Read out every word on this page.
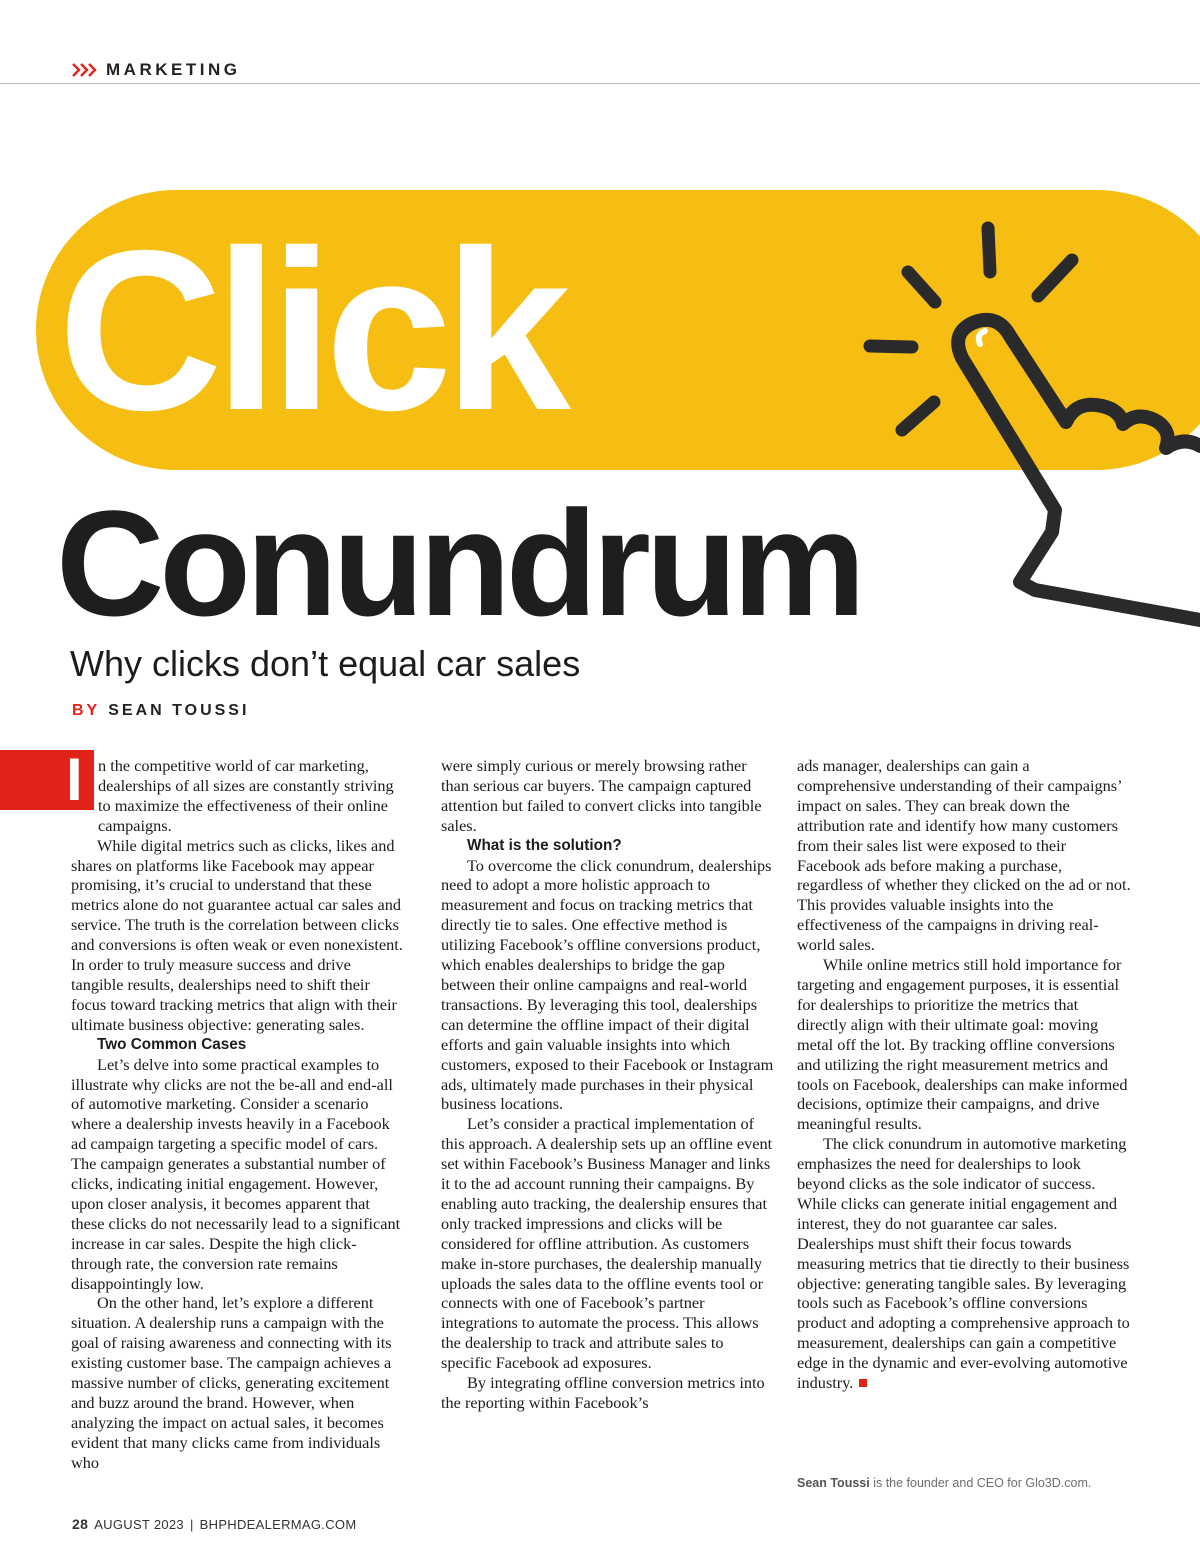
MARKETING
Click
Conundrum
Why clicks don’t equal car sales
BY SEAN TOUSSI
I n the competitive world of car marketing, dealerships of all sizes are constantly striving to maximize the effectiveness of their online campaigns.

While digital metrics such as clicks, likes and shares on platforms like Facebook may appear promising, it’s crucial to understand that these metrics alone do not guarantee actual car sales and service. The truth is the correlation between clicks and conversions is often weak or even nonexistent. In order to truly measure success and drive tangible results, dealerships need to shift their focus toward tracking metrics that align with their ultimate business objective: generating sales.

Two Common Cases

Let’s delve into some practical examples to illustrate why clicks are not the be-all and end-all of automotive marketing. Consider a scenario where a dealership invests heavily in a Facebook ad campaign targeting a specific model of cars. The campaign generates a substantial number of clicks, indicating initial engagement. However, upon closer analysis, it becomes apparent that these clicks do not necessarily lead to a significant increase in car sales. Despite the high click-through rate, the conversion rate remains disappointingly low.

On the other hand, let’s explore a different situation. A dealership runs a campaign with the goal of raising awareness and connecting with its existing customer base. The campaign achieves a massive number of clicks, generating excitement and buzz around the brand. However, when analyzing the impact on actual sales, it becomes evident that many clicks came from individuals who

were simply curious or merely browsing rather than serious car buyers. The campaign captured attention but failed to convert clicks into tangible sales.

What is the solution?

To overcome the click conundrum, dealerships need to adopt a more holistic approach to measurement and focus on tracking metrics that directly tie to sales. One effective method is utilizing Facebook’s offline conversions product, which enables dealerships to bridge the gap between their online campaigns and real-world transactions. By leveraging this tool, dealerships can determine the offline impact of their digital efforts and gain valuable insights into which customers, exposed to their Facebook or Instagram ads, ultimately made purchases in their physical business locations.

Let’s consider a practical implementation of this approach. A dealership sets up an offline event set within Facebook’s Business Manager and links it to the ad account running their campaigns. By enabling auto tracking, the dealership ensures that only tracked impressions and clicks will be considered for offline attribution. As customers make in-store purchases, the dealership manually uploads the sales data to the offline events tool or connects with one of Facebook’s partner integrations to automate the process. This allows the dealership to track and attribute sales to specific Facebook ad exposures.

By integrating offline conversion metrics into the reporting within Facebook’s

ads manager, dealerships can gain a comprehensive understanding of their campaigns’ impact on sales. They can break down the attribution rate and identify how many customers from their sales list were exposed to their Facebook ads before making a purchase, regardless of whether they clicked on the ad or not. This provides valuable insights into the effectiveness of the campaigns in driving real-world sales.

While online metrics still hold importance for targeting and engagement purposes, it is essential for dealerships to prioritize the metrics that directly align with their ultimate goal: moving metal off the lot. By tracking offline conversions and utilizing the right measurement metrics and tools on Facebook, dealerships can make informed decisions, optimize their campaigns, and drive meaningful results.

The click conundrum in automotive marketing emphasizes the need for dealerships to look beyond clicks as the sole indicator of success. While clicks can generate initial engagement and interest, they do not guarantee car sales. Dealerships must shift their focus towards measuring metrics that tie directly to their business objective: generating tangible sales. By leveraging tools such as Facebook’s offline conversions product and adopting a comprehensive approach to measurement, dealerships can gain a competitive edge in the dynamic and ever-evolving automotive industry.

Sean Toussi is the founder and CEO for Glo3D.com.
28 AUGUST 2023 | BHPHDEALERMAG.COM
